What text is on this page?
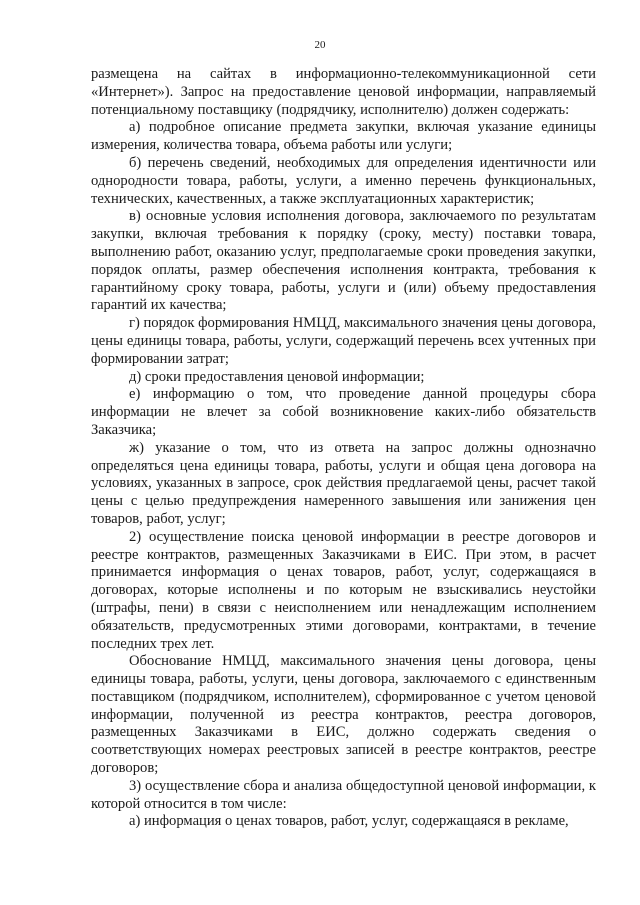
20

размещена на сайтах в информационно-телекоммуникационной сети «Интернет»). Запрос на предоставление ценовой информации, направляемый потенциальному поставщику (подрядчику, исполнителю) должен содержать:

а) подробное описание предмета закупки, включая указание единицы измерения, количества товара, объема работы или услуги;

б) перечень сведений, необходимых для определения идентичности или однородности товара, работы, услуги, а именно перечень функциональных, технических, качественных, а также эксплуатационных характеристик;

в) основные условия исполнения договора, заключаемого по результатам закупки, включая требования к порядку (сроку, месту) поставки товара, выполнению работ, оказанию услуг, предполагаемые сроки проведения закупки, порядок оплаты, размер обеспечения исполнения контракта, требования к гарантийному сроку товара, работы, услуги и (или) объему предоставления гарантий их качества;

г) порядок формирования НМЦД, максимального значения цены договора, цены единицы товара, работы, услуги, содержащий перечень всех учтенных при формировании затрат;

д) сроки предоставления ценовой информации;

е) информацию о том, что проведение данной процедуры сбора информации не влечет за собой возникновение каких-либо обязательств Заказчика;

ж) указание о том, что из ответа на запрос должны однозначно определяться цена единицы товара, работы, услуги и общая цена договора на условиях, указанных в запросе, срок действия предлагаемой цены, расчет такой цены с целью предупреждения намеренного завышения или занижения цен товаров, работ, услуг;

2) осуществление поиска ценовой информации в реестре договоров и реестре контрактов, размещенных Заказчиками в ЕИС. При этом, в расчет принимается информация о ценах товаров, работ, услуг, содержащаяся в договорах, которые исполнены и по которым не взыскивались неустойки (штрафы, пени) в связи с неисполнением или ненадлежащим исполнением обязательств, предусмотренных этими договорами, контрактами, в течение последних трех лет.

Обоснование НМЦД, максимального значения цены договора, цены единицы товара, работы, услуги, цены договора, заключаемого с единственным поставщиком (подрядчиком, исполнителем), сформированное с учетом ценовой информации, полученной из реестра контрактов, реестра договоров, размещенных Заказчиками в ЕИС, должно содержать сведения о соответствующих номерах реестровых записей в реестре контрактов, реестре договоров;

3) осуществление сбора и анализа общедоступной ценовой информации, к которой относится в том числе:

а) информация о ценах товаров, работ, услуг, содержащаяся в рекламе,
